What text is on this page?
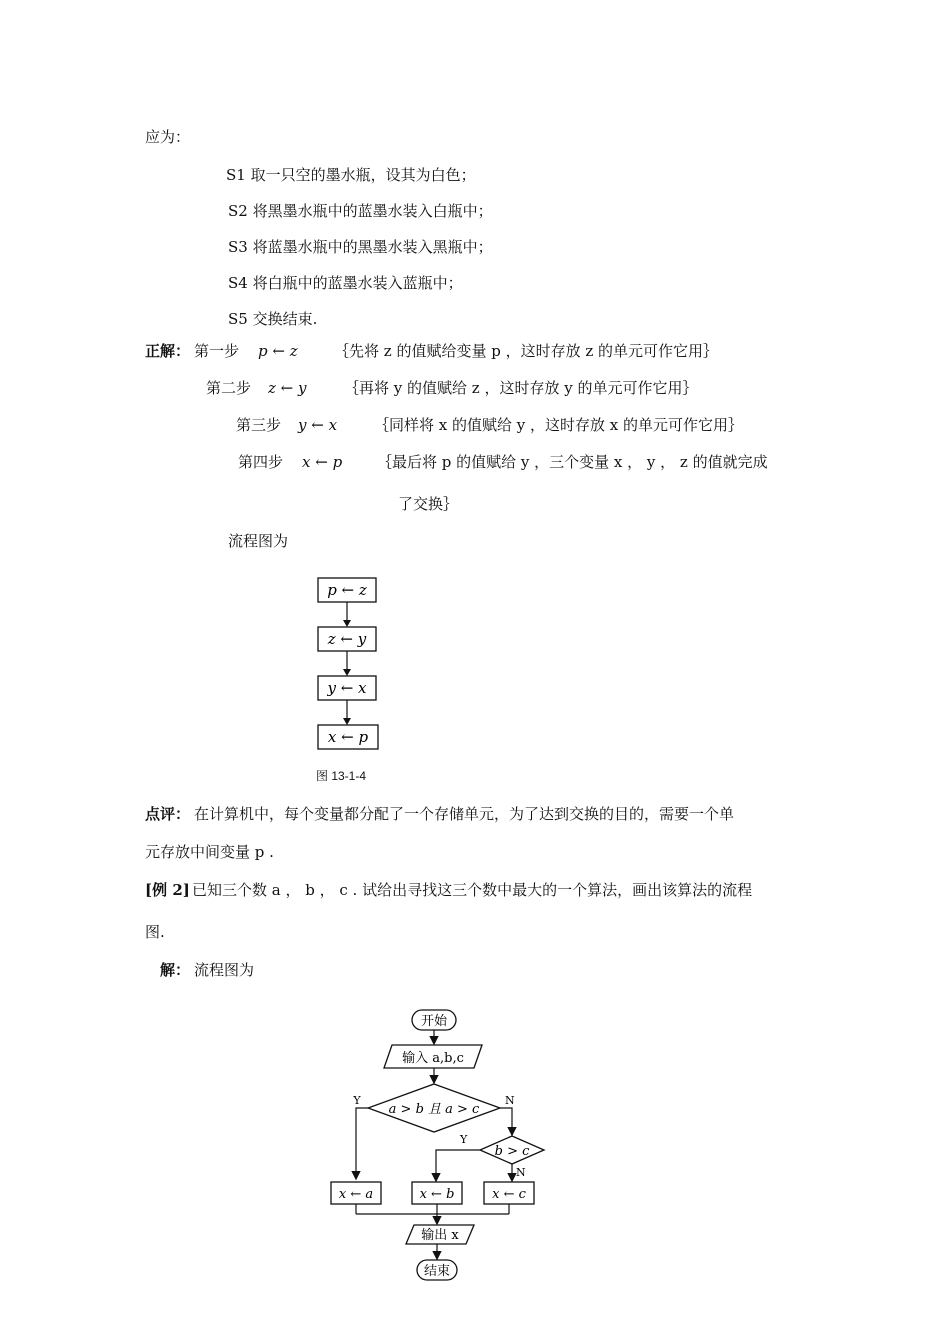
应为：
S1 取一只空的墨水瓶，设其为白色；
S2 将黑墨水瓶中的蓝墨水装入白瓶中；
S3 将蓝墨水瓶中的黑墨水装入黑瓶中；
S4 将白瓶中的蓝墨水装入蓝瓶中；
S5 交换结束.
正解： 第一步 p ← z ｛先将 z 的值赋给变量 p ，这时存放 z 的单元可作它用｝
第二步 z ← y	｛再将 y 的值赋给 z ，这时存放 y 的单元可作它用｝
第三步 y ← x ｛同样将 x 的值赋给 y ，这时存放 x 的单元可作它用｝
第四步 x ← p ｛最后将 p 的值赋给 y ，三个变量 x ， y ， z 的值就完成
了交换｝
流程图为
p ← z
z ← y
y ← x
x ← p
图 13-1-4
点评： 在计算机中，每个变量都分配了一个存储单元，为了达到交换的目的，需要一个单
元存放中间变量 p .
[例 2] 已知三个数 a ， b ， c . 试给出寻找这三个数中最大的一个算法，画出该算法的流程
图.
解： 流程图为
开始
输入 a,b,c
a > b 且 a > c
Y	N
b > c
Y
N
x ← a	x ← b	x ← c
输出 x
结束
